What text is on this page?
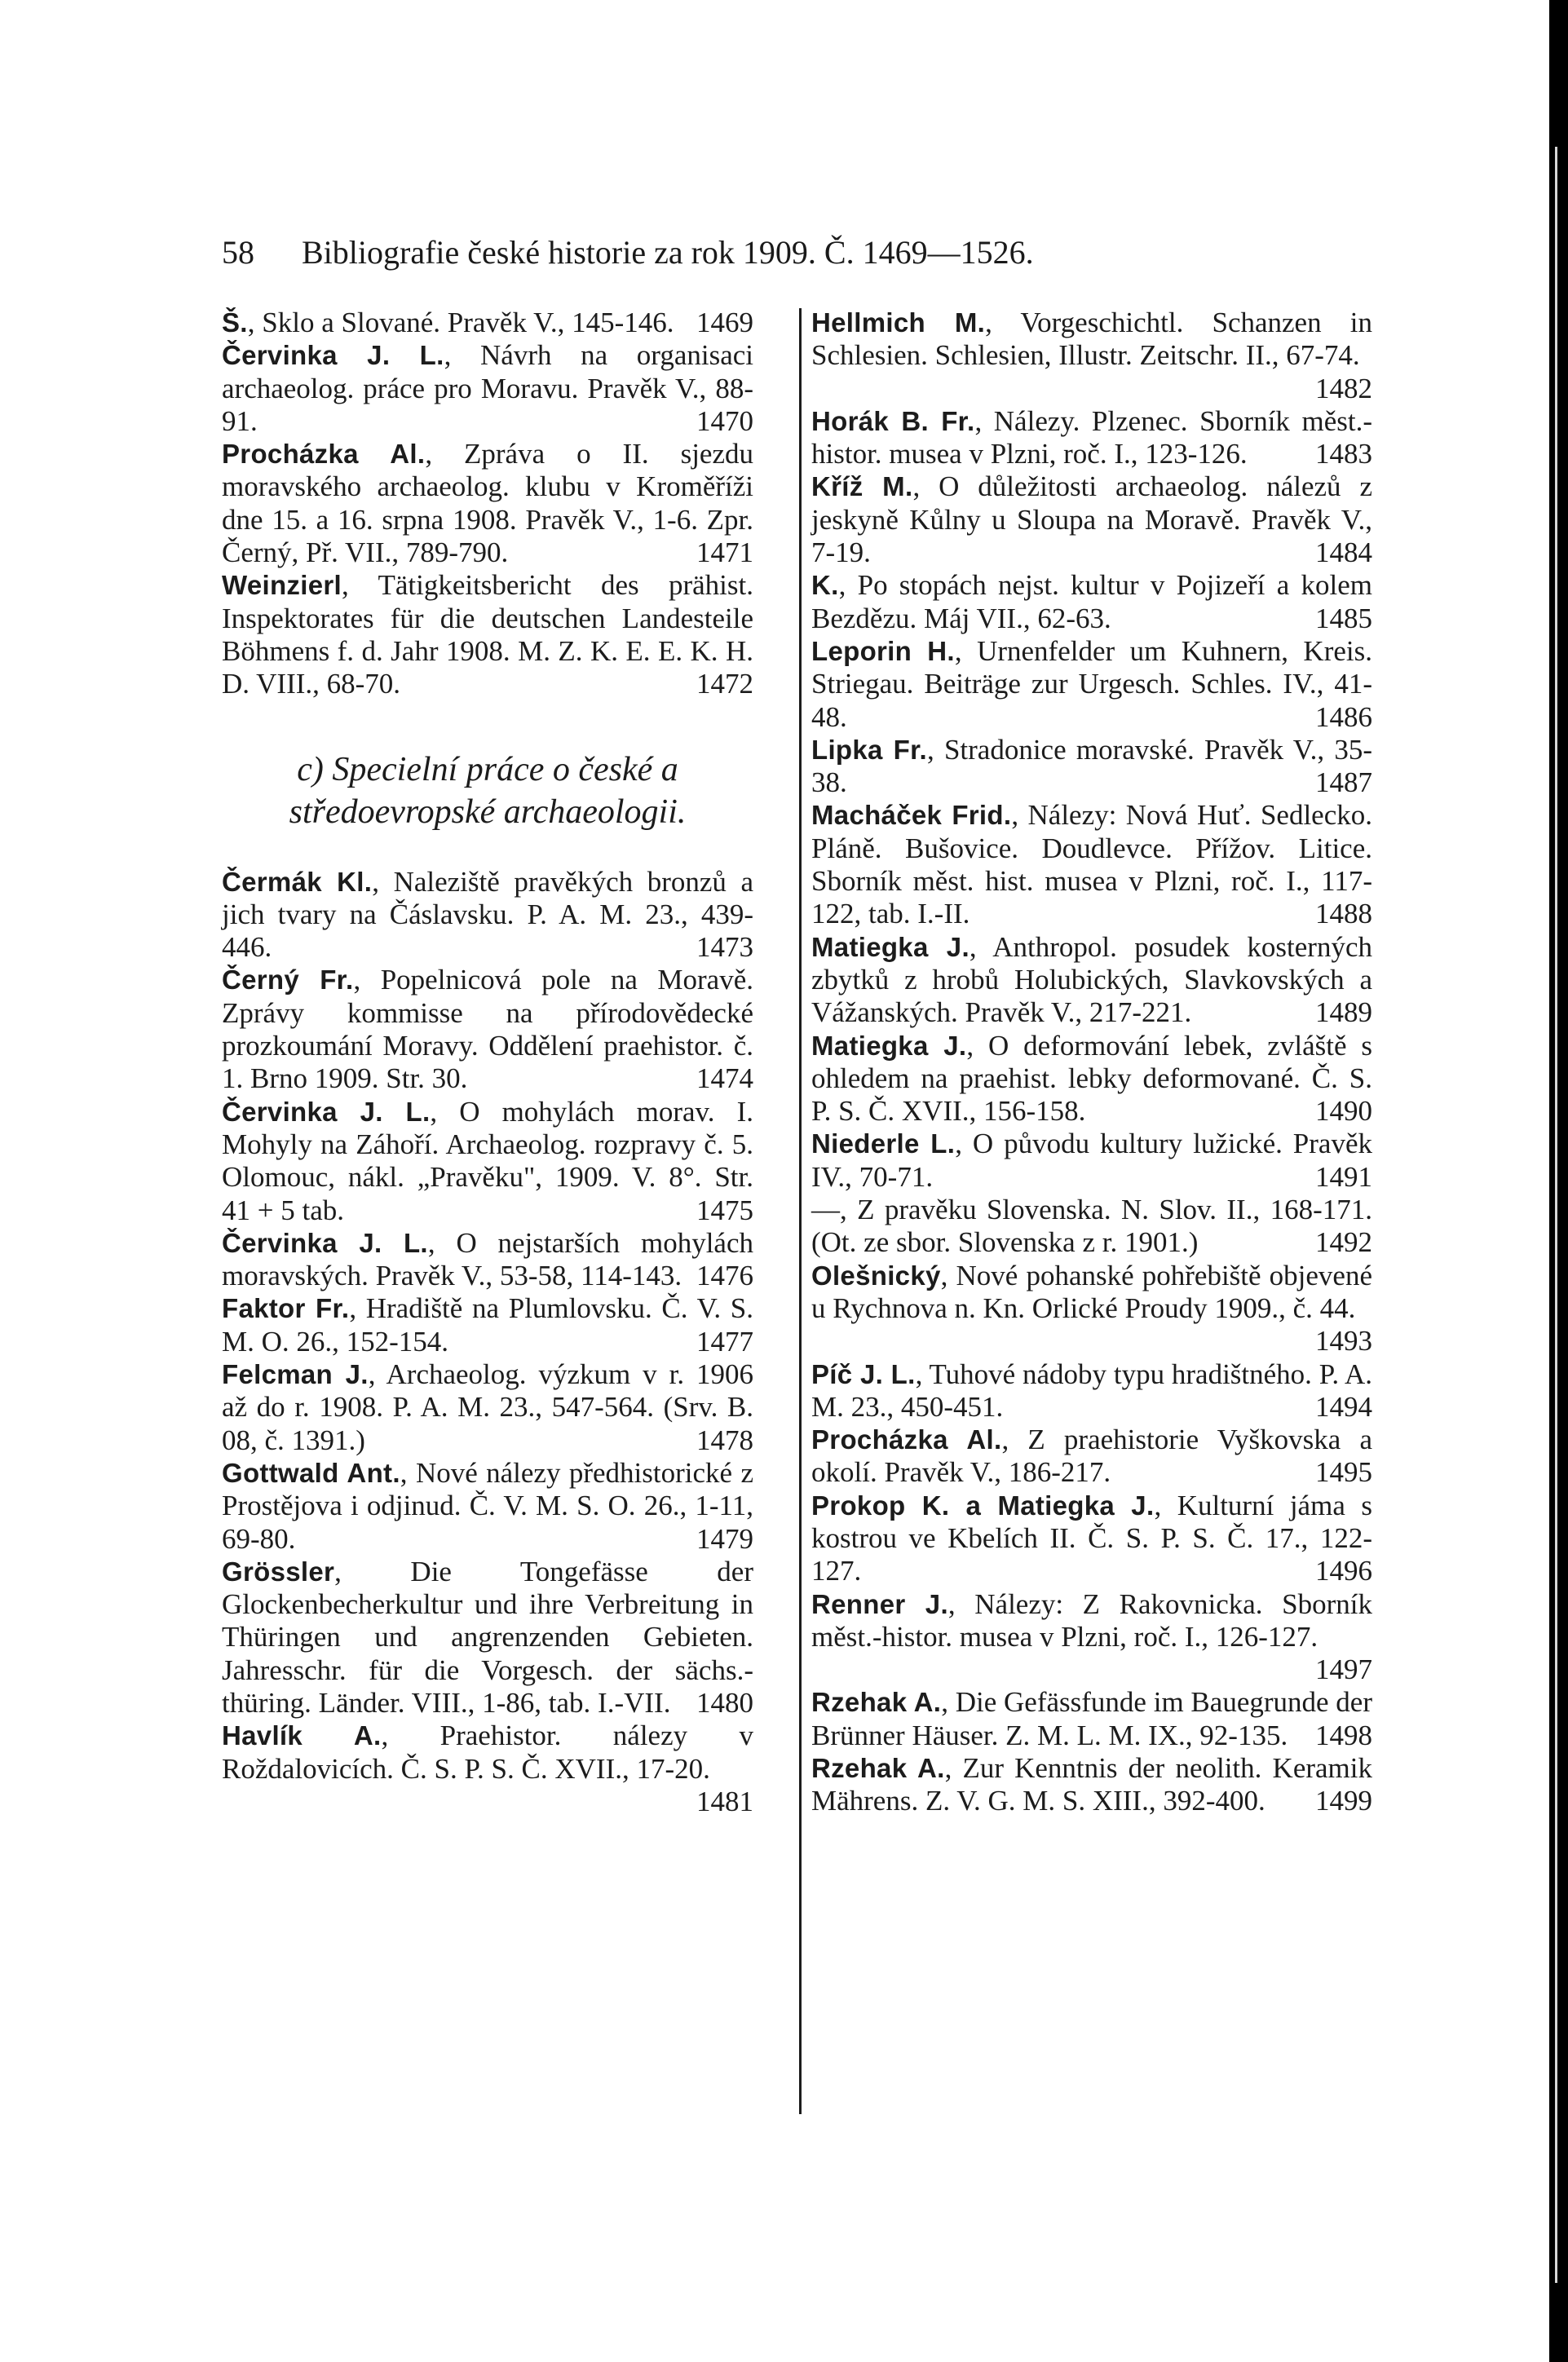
58 Bibliografie české historie za rok 1909. Č. 1469—1526.
Š., Sklo a Slované. Pravěk V., 145-146. 1469
Červinka J. L., Návrh na organisaci archaeolog. práce pro Moravu. Pravěk V., 88-91.	1470
Procházka Al., Zpráva o II. sjezdu moravského archaeolog. klubu v Kroměříži dne 15. a 16. srpna 1908. Pravěk V., 1-6. Zpr. Černý, Př. VII., 789-790.	1471
Weinzierl, Tätigkeitsbericht des prähist. Inspektorates für die deutschen Landesteile Böhmens f. d. Jahr 1908. M. Z. K. E. E. K. H. D. VIII., 68-70.	1472
c) Specielní práce o české a středoevropské archaeologii.
Čermák Kl., Naleziště pravěkých bronzů a jich tvary na Čáslavsku. P. A. M. 23., 439-446.	1473
Černý Fr., Popelnicová pole na Moravě. Zprávy kommisse na přírodovědecké prozkoumání Moravy. Oddělení praehistor. č. 1. Brno 1909. Str. 30.	1474
Červinka J. L., O mohylách morav. I. Mohyly na Záhoří. Archaeolog. rozpravy č. 5. Olomouc, nákl. „Pravěku", 1909. V. 8°. Str. 41 + 5 tab.	1475
Červinka J. L., O nejstarších mohylách moravských. Pravěk V., 53-58, 114-143. 1476
Faktor Fr., Hradiště na Plumlovsku. Č. V. S. M. O. 26., 152-154.	1477
Felcman J., Archaeolog. výzkum v r. 1906 až do r. 1908. P. A. M. 23., 547-564. (Srv. B. 08, č. 1391.)	1478
Gottwald Ant., Nové nálezy předhistorické z Prostějova i odjinud. Č. V. M. S. O. 26., 1-11, 69-80.	1479
Grössler, Die Tongefässe der Glockenbecherkultur und ihre Verbreitung in Thüringen und angrenzenden Gebieten. Jahresschr. für die Vorgesch. der sächs.-thüring. Länder. VIII., 1-86, tab. I.-VII. 1480
Havlík A., Praehistor. nálezy v Roždalovicích. Č. S. P. S. Č. XVII., 17-20.
1481
Hellmich M., Vorgeschichtl. Schanzen in Schlesien. Schlesien, Illustr. Zeitschr. II., 67-74.
1482
Horák B. Fr., Nálezy. Plzenec. Sborník měst.-histor. musea v Plzni, roč. I., 123-126. 1483
Kříž M., O důležitosti archaeolog. nálezů z jeskyně Kůlny u Sloupa na Moravě. Pravěk V., 7-19.	1484
K., Po stopách nejst. kultur v Pojizeří a kolem Bezdězu. Máj VII., 62-63.	1485
Leporin H., Urnenfelder um Kuhnern, Kreis. Striegau. Beiträge zur Urgesch. Schles. IV., 41-48.	1486
Lipka Fr., Stradonice moravské. Pravěk V., 35-38.	1487
Macháček Frid., Nálezy: Nová Huť. Sedlecko. Pláně. Bušovice. Doudlevce. Přížov. Litice. Sborník měst. hist. musea v Plzni, roč. I., 117-122, tab. I.-II.	1488
Matiegka J., Anthropol. posudek kosterných zbytků z hrobů Holubických, Slavkovských a Vážanských. Pravěk V., 217-221.	1489
Matiegka J., O deformování lebek, zvláště s ohledem na praehist. lebky deformované. Č. S. P. S. Č. XVII., 156-158.	1490
Niederle L., O původu kultury lužické. Pravěk IV., 70-71.	1491
—, Z pravěku Slovenska. N. Slov. II., 168-171. (Ot. ze sbor. Slovenska z r. 1901.)	1492
Olešnický, Nové pohanské pohřebiště objevené u Rychnova n. Kn. Orlické Proudy 1909., č. 44.
1493
Píč J. L., Tuhové nádoby typu hradištného. P. A. M. 23., 450-451.	1494
Procházka Al., Z praehistorie Vyškovska a okolí. Pravěk V., 186-217.	1495
Prokop K. a Matiegka J., Kulturní jáma s kostrou ve Kbelích II. Č. S. P. S. Č. 17., 122-127.	1496
Renner J., Nálezy: Z Rakovnicka. Sborník měst.-histor. musea v Plzni, roč. I., 126-127.
1497
Rzehak A., Die Gefässfunde im Bauegrunde der Brünner Häuser. Z. M. L. M. IX., 92-135. 1498
Rzehak A., Zur Kenntnis der neolith. Keramik Mährens. Z. V. G. M. S. XIII., 392-400. 1499
